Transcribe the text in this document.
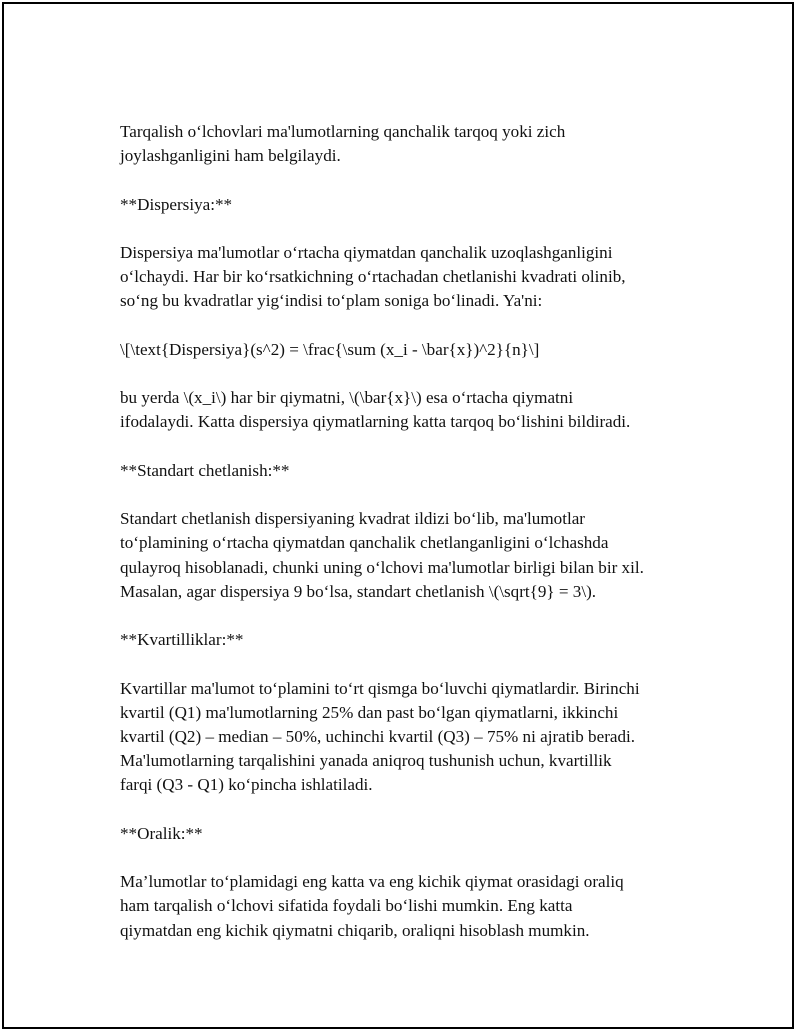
Tarqalish o‘lchovlari ma'lumotlarning qanchalik tarqoq yoki zich
joylashganligini ham belgilaydi.

**Dispersiya:**

Dispersiya ma'lumotlar o‘rtacha qiymatdan qanchalik uzoqlashganligini
o‘lchaydi. Har bir ko‘rsatkichning o‘rtachadan chetlanishi kvadrati olinib,
so‘ng bu kvadratlar yig‘indisi to‘plam soniga bo‘linadi. Ya'ni:

\[\text{Dispersiya}(s^2) = \frac{\sum (x_i - \bar{x})^2}{n}\]

bu yerda \(x_i\) har bir qiymatni, \(\bar{x}\) esa o‘rtacha qiymatni
ifodalaydi. Katta dispersiya qiymatlarning katta tarqoq bo‘lishini bildiradi.

**Standart chetlanish:**

Standart chetlanish dispersiyaning kvadrat ildizi bo‘lib, ma'lumotlar
to‘plamining o‘rtacha qiymatdan qanchalik chetlanganligini o‘lchashda
qulayroq hisoblanadi, chunki uning o‘lchovi ma'lumotlar birligi bilan bir xil.
Masalan, agar dispersiya 9 bo‘lsa, standart chetlanish \(\sqrt{9} = 3\).

**Kvartilliklar:**

Kvartillar ma'lumot to‘plamini to‘rt qismga bo‘luvchi qiymatlardir. Birinchi
kvartil (Q1) ma'lumotlarning 25% dan past bo‘lgan qiymatlarni, ikkinchi
kvartil (Q2) – median – 50%, uchinchi kvartil (Q3) – 75% ni ajratib beradi.
Ma'lumotlarning tarqalishini yanada aniqroq tushunish uchun, kvartillik
farqi (Q3 - Q1) ko‘pincha ishlatiladi.

**Oralik:**

Ma’lumotlar to‘plamidagi eng katta va eng kichik qiymat orasidagi oraliq
ham tarqalish o‘lchovi sifatida foydali bo‘lishi mumkin. Eng katta
qiymatdan eng kichik qiymatni chiqarib, oraliqni hisoblash mumkin.
